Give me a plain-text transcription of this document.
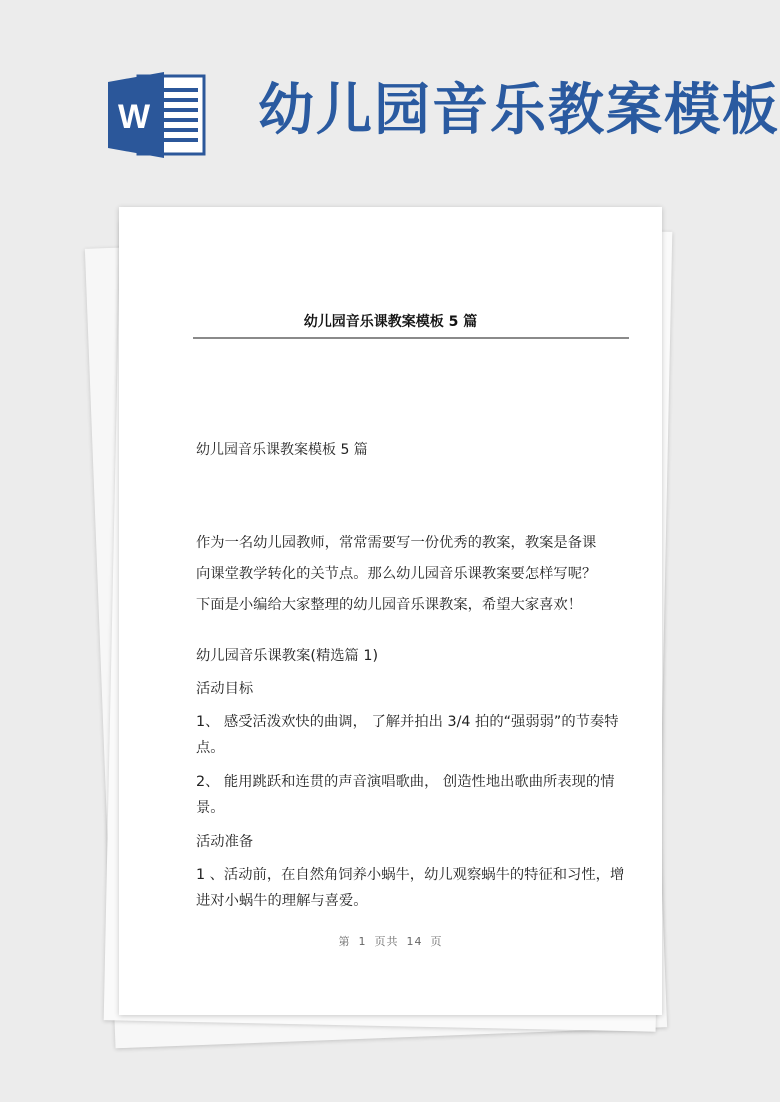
W 幼儿园音乐教案模板
幼儿园音乐课教案模板 5 篇
幼儿园音乐课教案模板 5 篇

作为一名幼儿园教师，常常需要写一份优秀的教案，教案是备课

向课堂教学转化的关节点。那么幼儿园音乐课教案要怎样写呢？

下面是小编给大家整理的幼儿园音乐课教案，希望大家喜欢！

幼儿园音乐课教案(精选篇 1)

活动目标

1、 感受活泼欢快的曲调， 了解并拍出 3/4 拍的“强弱弱”的节奏特点。

2、 能用跳跃和连贯的声音演唱歌曲， 创造性地出歌曲所表现的情景。

活动准备

1 、活动前，在自然角饲养小蜗牛，幼儿观察蜗牛的特征和习性，增进对小蜗牛的理解与喜爱。

第 1 页共 14 页
